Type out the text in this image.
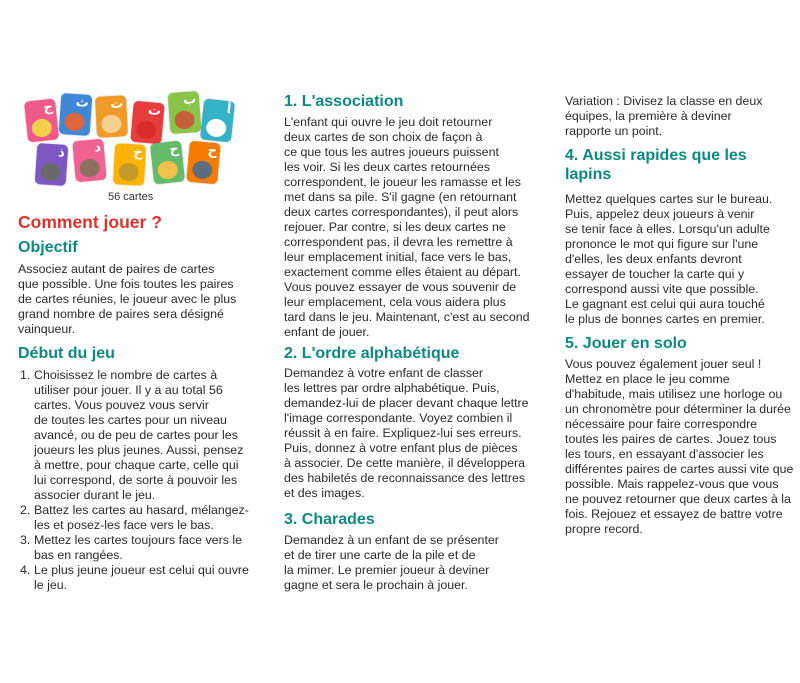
ج ث ت ت
ب
أ
ذ د خ ح ح
56 cartes
Comment jouer ?
Objectif

Associez autant de paires de cartes

que possible. Une fois toutes les paires

de cartes réunies, le joueur avec le plus

grand nombre de paires sera désigné

vainqueur.

Début du jeu
1. Choisissez le nombre de cartes à
utiliser pour jouer. Il y a au total 56
cartes. Vous pouvez vous servir
de toutes les cartes pour un niveau
avancé, ou de peu de cartes pour les
joueurs les plus jeunes. Aussi, pensez
à mettre, pour chaque carte, celle qui
lui correspond, de sorte à pouvoir les
associer durant le jeu.
2. Battez les cartes au hasard, mélangez-
les et posez-les face vers le bas.
3. Mettez les cartes toujours face vers le
bas en rangées.
4. Le plus jeune joueur est celui qui ouvre
le jeu.
1. L'association

L'enfant qui ouvre le jeu doit retourner

deux cartes de son choix de façon à

ce que tous les autres joueurs puissent

les voir. Si les deux cartes retournées

correspondent, le joueur les ramasse et les

met dans sa pile. S'il gagne (en retournant

deux cartes correspondantes), il peut alors

rejouer. Par contre, si les deux cartes ne

correspondent pas, il devra les remettre à

leur emplacement initial, face vers le bas,

exactement comme elles étaient au départ.

Vous pouvez essayer de vous souvenir de

leur emplacement, cela vous aidera plus

tard dans le jeu. Maintenant, c'est au second

enfant de jouer.

2. L'ordre alphabétique

Demandez à votre enfant de classer

les lettres par ordre alphabétique. Puis,

demandez-lui de placer devant chaque lettre

l'image correspondante. Voyez combien il

réussit à en faire. Expliquez-lui ses erreurs.

Puis, donnez à votre enfant plus de pièces

à associer. De cette manière, il développera

des habiletés de reconnaissance des lettres

et des images.

3. Charades

Demandez à un enfant de se présenter

et de tirer une carte de la pile et de

la mimer. Le premier joueur à deviner

gagne et sera le prochain à jouer.

Variation : Divisez la classe en deux

équipes, la première à deviner

rapporte un point.

4. Aussi rapides que les
lapins

Mettez quelques cartes sur le bureau.

Puis, appelez deux joueurs à venir

se tenir face à elles. Lorsqu'un adulte

prononce le mot qui figure sur l'une

d'elles, les deux enfants devront

essayer de toucher la carte qui y

correspond aussi vite que possible.

Le gagnant est celui qui aura touché

le plus de bonnes cartes en premier.

5. Jouer en solo

Vous pouvez également jouer seul !

Mettez en place le jeu comme

d'habitude, mais utilisez une horloge ou

un chronomètre pour déterminer la durée

nécessaire pour faire correspondre

toutes les paires de cartes. Jouez tous

les tours, en essayant d'associer les

différentes paires de cartes aussi vite que

possible. Mais rappelez-vous que vous

ne pouvez retourner que deux cartes à la

fois. Rejouez et essayez de battre votre

propre record.
